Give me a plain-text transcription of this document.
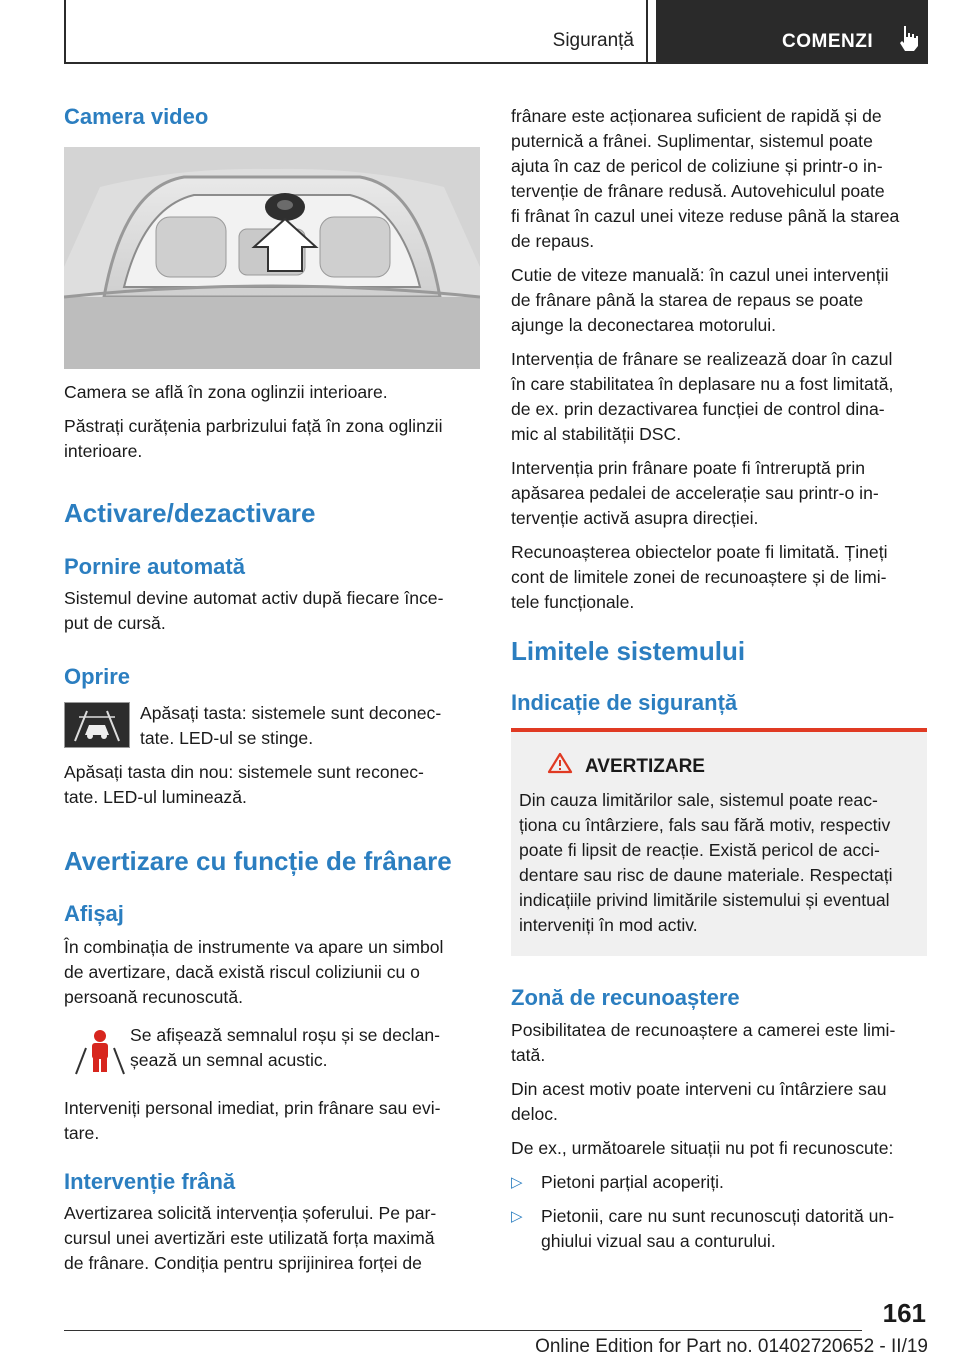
Siguranță	COMENZI
Camera video

Camera se află în zona oglinzii interioare.

Păstrați curățenia parbrizului față în zona oglinzii

interioare.

Activare/dezactivare
Pornire automată

Sistemul devine automat activ după fiecare înce‐

put de cursă.

Oprire

Apăsați tasta: sistemele sunt deconec‐

tate. LED-ul se stinge.

Apăsați tasta din nou: sistemele sunt reconec‐

tate. LED-ul luminează.

Avertizare cu funcție de frânare
Afișaj

În combinația de instrumente va apare un simbol

de avertizare, dacă există riscul coliziunii cu o

persoană recunoscută.

Se afișează semnalul roșu și se declan‐

șează un semnal acustic.

Interveniți personal imediat, prin frânare sau evi‐

tare.

Intervenție frână

Avertizarea solicită intervenția șoferului. Pe par‐

cursul unei avertizări este utilizată forța maximă

de frânare. Condiția pentru sprijinirea forței de

frânare este acționarea suficient de rapidă și de

puternică a frânei. Suplimentar, sistemul poate

ajuta în caz de pericol de coliziune și printr-o in‐

tervenție de frânare redusă. Autovehiculul poate

fi frânat în cazul unei viteze reduse până la starea

de repaus.

Cutie de viteze manuală: în cazul unei intervenții

de frânare până la starea de repaus se poate

ajunge la deconectarea motorului.

Intervenția de frânare se realizează doar în cazul

în care stabilitatea în deplasare nu a fost limitată,

de ex. prin dezactivarea funcției de control dina‐

mic al stabilității DSC.

Intervenția prin frânare poate fi întreruptă prin

apăsarea pedalei de accelerație sau printr-o in‐

tervenție activă asupra direcției.

Recunoașterea obiectelor poate fi limitată. Țineți

cont de limitele zonei de recunoaștere și de limi‐

tele funcționale.

Limitele sistemului
Indicație de siguranță

AVERTIZARE

Din cauza limitărilor sale, sistemul poate reac‐

ționa cu întârziere, fals sau fără motiv, respectiv

poate fi lipsit de reacție. Există pericol de acci‐

dentare sau risc de daune materiale. Respectați

indicațiile privind limitările sistemului și eventual

interveniți în mod activ.

Zonă de recunoaștere

Posibilitatea de recunoaștere a camerei este limi‐

tată.

Din acest motiv poate interveni cu întârziere sau

deloc.

De ex., următoarele situații nu pot fi recunoscute:

▷ Pietoni parțial acoperiți.

▷ Pietonii, care nu sunt recunoscuți datorită un‐

ghiului vizual sau a conturului.

161
Online Edition for Part no. 01402720652 - II/19
